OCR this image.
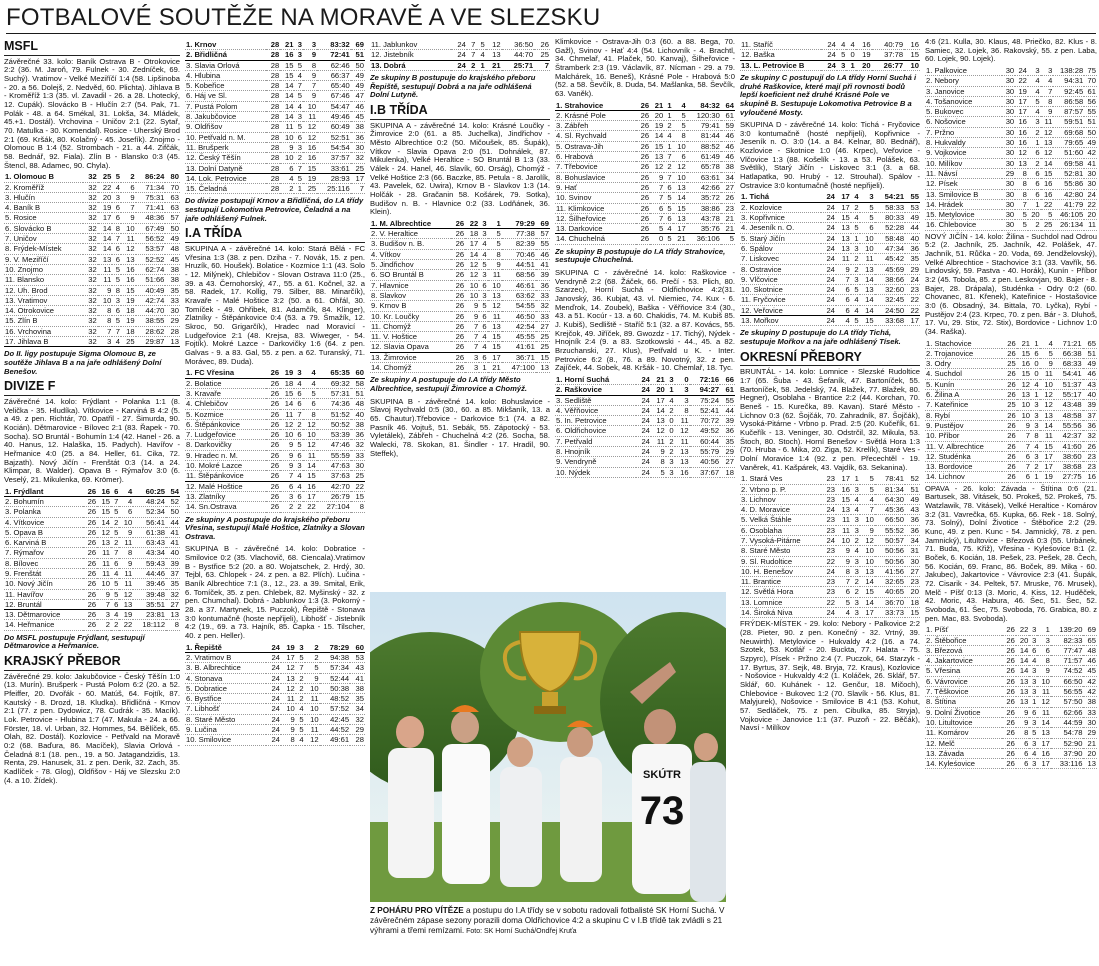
FOTBALOVÉ SOUTĚŽE NA MORAVĚ A VE SLEZSKU
MSFL
Závěrečné 33. kolo: Baník Ostrava B - Otrokovice 2:2 (36. M. Jaroň, 79. Fulnek - 30. Zedníček, 69. Suchý). Vratimov - Velké Meziříčí 1:4 (58. Lipšinoba - 20. a 56. Dolejš, 2. Nedvěd, 60. Plichta). Jihlava B - Kroměříž 1:3 (35. vl. Zavadil - 26. a 28. Lhotecký, 12. Cupák). Slovácko B - Hlučín 2:7 (54. Pak, 71. Polák - 48. a 64. Smékal, 31. Lokša, 34. Mládek, 45.+1. Dostál). Vrchovina - Uničov 2:1 (22. Sytař, 70. Matulka - 30. Komendal). Rosice - Uherský Brod 2:1 (69. Kršák, 80. Kolačný - 45. Josefík). Znojmo - Olomouc B 1:4 (52. Strombach - 21. a 44. Zifčák, 58. Bednář, 92. Fiala). Zlín B - Blansko 0:3 (45. Štencl, 88. Adamec, 90. Chyla).
1. Olomouc B	32	25	5	2	86:24	80
2. Kroměříž	32	22	4	6	71:34	70
3. Hlučín	32	20	3	9	75:31	63
4. Baník B	32	19	6	7	71:41	63
5. Rosice	32	17	6	9	48:36	57
6. Slovácko B	32	14	8	10	67:49	50
7. Uničov	32	14	7	11	56:52	49
8. Frýdek-Místek	32	14	6	12	53:57	48
9. V. Meziříčí	32	13	6	13	52:52	45
10. Znojmo	32	11	5	16	62:74	38
11. Blansko	32	11	5	16	51:66	38
12. Uh. Brod	32	9	8	15	40:49	35
13. Vratimov	32	10	3	19	42:74	33
14. Otrokovice	32	8	6	18	44:70	30
15. Zlín B	32	8	5	19	38:55	29
16. Vrchovina	32	7	7	18	28:62	28
17. Jihlava B	32	3	4	25	29:87	13
Do II. ligy postupuje Sigma Olomouc B, ze soutěže Jihlava B a na jaře odhlášený Dolní Benešov.
DIVIZE F
Závěrečné 14. kolo: Frýdlant - Polanka 1:1 (8. Velička - 35. Hludíka). Vítkovice - Karviná B 4:2 (5. a 49. z pen. Richtár, 70. Opatřil - 27. Šimurda, 90. Kocián). Dětmarovice - Bílovec 2:1 (83. Řapek - 70. Socha). SO Bruntál - Bohumín 1:4 (42. Hanel - 26. a 40. Hanus, 12. Halaška, 15. Padych). Havířov - Heřmanice 4:0 (25. a 84. Heller, 61. Cika, 72. Bajzath). Nový Jičín - Frenštát 0:3 (14. a 24. Klimpar, 8. Walder). Opava B - Rýmařov 3:0 (6. Veselý, 21. Mikulenka, 69. Krömer).
1. Frýdlant	26	16	6	4	60:25	54
2. Bohumín	26	15	7	4	48:24	52
3. Polanka	26	15	5	6	52:34	50
4. Vítkovice	26	14	2	10	56:41	44
5. Opava B	26	12	5	9	61:38	41
6. Karviná B	26	13	2	11	63:43	41
7. Rýmařov	26	11	7	8	43:34	40
8. Bílovec	26	11	6	9	59:43	39
9. Frenštát	26	11	4	11	44:46	37
10. Nový Jičín	26	10	5	11	39:46	35
11. Havířov	26	9	5	12	39:48	32
12. Bruntál	26	7	6	13	35:51	27
13. Dětmarovice	26	3	4	19	23:81	13
14. Heřmanice	26	2	2	22	18:112	8
Do MSFL postupuje Frýdlant, sestupují Dětmarovice a Heřmanice.
KRAJSKÝ PŘEBOR
Závěrečné 29. kolo: Jakubčovice - Český Těšín 1:0 (13. Murín). Brušperk - Pustá Polom 6:2 (20. a 52. Pfeiffer, 20. Dvořák - 60. Matúš, 64. Fojtík, 87. Kautský - 8. Drozd, 18. Kludka). Břidličná - Krnov 2:1 (77. z pen. Dydowicz, 78. Cudrák - 35. Macík). Lok. Petrovice - Hlubina 1:7 (47. Makula - 24. a 66. Förster, 18. vl. Urban, 32. Hommes, 54. Bělíček, 65. Olah, 82. Dostál). Kozlovice - Petřvald na Moravě 0:2 (68. Baďura, 86. Macíček), Slavia Orlová - Čeladná 8:1 (18. pen., 19. a 50. Jatagandzidis, 13. Renta, 29. Hanusek, 31. z pen. Derik, 32. Zach, 35. Kadlíček - 78. Glog), Oldřišov - Háj ve Slezsku 2:0 (4. a 10. Žídek).
1. Krnov	28	21	3	3	83:32	69
2. Břidličná	28	16	3	9	72:41	51
3. Slavia Orlová	28	15	5	8	62:46	50
4. Hlubina	28	15	4	9	66:37	49
5. Kobeřice	28	14	7	7	65:40	49
6. Háj ve Sl.	28	14	5	9	67:46	47
7. Pustá Polom	28	14	4	10	54:47	46
8. Jakubčovice	28	14	3	11	49:46	45
9. Oldřišov	28	11	5	12	60:49	38
10. Petřvald n. M.	28	10	6	12	52:51	36
11. Brušperk	28	9	3	16	54:54	30
12. Český Těšín	28	10	2	16	37:57	32
13. Dolní Datyně	28	6	7	15	33:61	25
14. Lok. Petrovice	28	4	5	19	28:93	17
15. Čeladná	28	2	1	25	25:116	7
Do divize postupují Krnov a Břidličná, do I.A třídy sestupují Lokomotiva Petrovice, Čeladná a na jaře odhlášený Fulnek.
I.A TŘÍDA
SKUPINA A - závěrečné 14. kolo: Stará Bělá - FC Vřesina 1:3 (38. z pen. Dziha - 7. Novák, 15. z pen. Hruzík, 60. Houšek). Bolatice - Kozmice 1:1 (43. Solo - 12. Milýnek), Chlebičov - Slovan Ostrava 11:0 (25., 39. a 43. Černohorský, 47., 55. a 61. Kočnel, 32. a 58. Radek, 17. Kollig, 79. Silber, 88. Minarčík), Kravaře - Malé Hoštice 3:2 (50. a 61. Ohřál, 30. Tomíček - 49. Ohřibek, 81. Adamčík, 84. Klinger), Zlatníky - Štěpánkovice 0:4 (53. a 79. Šmažík, 12. Skroc, 50. Grigarčík), Hradec nad Moravicí - Ludgeřovice 2:1 (48. Krejsa, 83. Wiweger, - 54. Fojtík). Mokré Lazce - Darkovičky 1:6 (64. z pen. Galvas - 9. a 83. Gal, 55. z pen. a 62. Turanský, 71. Morávec, 89. Duda).
1. FC Vřesina	26	19	3	4	65:35	60
2. Bolatice	26	18	4	4	69:32	58
3. Kravaře	26	15	6	5	57:31	51
4. Chlebičov	26	14	6	6	74:36	48
5. Kozmice	26	11	7	8	51:52	40
6. Štěpánkovice	26	12	2	12	50:52	38
7. Ludgeřovice	26	10	6	10	53:39	36
8. Darkovičky	26	9	5	12	47:46	32
9. Hradec n. M.	26	9	6	11	55:59	33
10. Mokré Lazce	26	9	3	14	47:63	30
11. Štěpánkovice	26	7	4	15	37:63	25
12. Malé Hoštice	26	6	4	16	42:70	22
13. Zlatníky	26	3	6	17	26:79	15
14. Sn.Ostrava	26	2	2	22	27:104	8
Ze skupiny A postupuje do krajského přeboru Vřesina, sestupují Malé Hoštice, Zlatníky a Slovan Ostrava.
SKUPINA B - závěrečné 14. kolo: Dobratice - Smilovice 0:2 (35. Vlachovič, 68. Ciencala).Vratimov B - Bystřice 5:2 (20. a 80. Wojatschek, 2. Hrdý, 30. Tejbl, 63. Chlopek - 24. z pen. a 82. Plích). Lučina - Baník Albrechtice 7:1 (3., 12., 23. a 39. Smital, Erik, 6. Tomíček, 35. z pen. Chlebek, 82. Myšinský - 32. z pen. Chumchal). Dobrá - Jablunkov 1:3 (3. Pokorný - 28. a 37. Martynek, 15. Puczok), Řepiště - Stonava 3:0 kontumačně (hoste nepřijeli), Libhošť - Jistebník 4:2 (19., 69. a 73. Hajník, 85. Čapka - 15. Tilscher, 40. z pen. Heller).
1. Řepiště	24	19	3	2	78:29	60
2. Vratimov B	24	17	5	2	94:38	53
3. B. Albrechtice	24	12	7	5	57:34	43
4. Stonava	24	13	2	9	52:44	41
5. Dobratice	24	12	2	10	50:38	38
6. Bystřice	24	11	2	11	48:52	35
7. Libhošť	24	10	4	10	57:52	34
8. Staré Město	24	9	5	10	42:45	32
9. Lučina	24	9	5	11	44:52	29
10. Smilovice	24	8	4	12	49:61	28
11. Jablunkov	24	7	5	12	36:50	26
12. Jistebník	24	7	4	13	44:70	25
13. Dobrá	24	2	1	21	25:71	7
Ze skupiny B postupuje do krajského přeboru Řepiště, sestupují Dobrá a na jaře odhlášená Dolní Lutyně.
I.B TŘÍDA
SKUPINA A - závěrečné 14. kolo: Krásné Loučky - Žimrovice 2:0 (61. a 85. Juchelka), Jindřichov - Město Albrechtice 0:2 (50. Mičoušek, 85. Šupák), Vítkov - Slavia Opava 2:0 (51. Dohnálek, 87. Mikulenka), Velké Heraltice - SO Bruntál B 1:3 (33. Válek - 24. Hanel, 46. Slavík, 60. Orság), Chomýž - Velké Hoštice 2:3 (66. Baczke, 85. Petula - 8. Jarolík, 43. Pavelek, 62. Uwira), Krnov B - Slavkov 1:3 (14. Holčák - 28. Gračanin 58. Košárek, 79. Sotka), Budišov n. B. - Hlavnice 0:2 (33. Lodňánek, 36. Klein).
1. M. Albrechtice	26	22	3	1	79:29	69
2. V. Heraltice	26	18	3	5	77:38	57
3. Budišov n. B.	26	17	4	5	82:39	55
4. Vítkov	26	14	4	8	70:46	46
5. Jindřichov	26	12	5	9	44:51	41
6. SO Bruntál B	26	12	3	11	68:56	39
7. Hlavnice	26	10	6	10	46:61	36
8. Slavkov	26	10	3	13	63:62	33
9. Krnov B	26	9	5	12	54:55	32
10. Kr. Loučky	26	9	6	11	46:50	33
11. Chomýž	26	7	6	13	42:54	27
11. V. Hoštice	26	7	4	15	45:55	25
12. Slavia Opava	26	7	4	15	41:61	25
13. Žimrovice	26	3	6	17	36:71	15
14. Chomýž	26	3	1	21	47:100	13
Ze skupiny A postupuje do I.A třídy Město Albrechtice, sestupují Žimrovice a Chomýž.
SKUPINA B - závěrečné 14. kolo: Bohuslavice - Slavoj Rychvald 0:5 (30., 60. a 85. Mikšaník, 13. a 65. Chautur).Třebovice - Darkovice 5:1 (74. a 82. Pasník 46. Vojtuš, 51. Sebák, 55. Zápotocký - 53. Vyletálek), Zábřeh - Chuchelná 4:2 (26. Socha, 58. Walecki, 78. Skokan, 81. Šindler - 17. Hradil, 90. Steffek),
Klimkovice - Ostrava-Jih 0:3 (60. a 88. Bega, 70. Gažl), Svinov - Hať 4:4 (54. Lichovník - 4. Brachtl, 34. Chmelař, 41. Plaček, 50. Kanvaj), Šilheřovice - Štramberk 2:3 (19. Václavík, 87. Nícman - 29. a 79. Malchárek, 16. Beneš), Krásné Pole - Hrabová 5:0 (52. a 58. Ševčík, 8. Duda, 54. Mašlanka, 58. Ševčík, 63. Vaněk).
1. Strahovice	26	21	1	4	84:32	64
2. Krásné Pole	26	20	1	5	120:30	61
3. Zábřeh	26	19	2	5	79:41	59
4. Sl. Rychvald	26	14	4	8	81:44	46
5. Ostrava-Jih	26	15	1	10	88:52	46
6. Hrabová	26	13	7	6	61:49	46
7. Třebovice	26	12	2	12	65:78	38
8. Bohuslavice	26	9	7	10	63:61	34
9. Hať	26	7	6	13	42:66	27
10. Svinov	26	7	5	14	35:72	26
11. Klimkovice	26	6	5	15	38:86	23
12. Šilheřovice	26	7	6	13	43:78	21
13. Darkovice	26	5	4	17	35:76	21
14. Chuchelná	26	0	5	21	36:106	5
Ze skupiny B postupuje do I.A třídy Strahovice, sestupuje Chuchelná.
SKUPINA C - závěrečné 14. kolo: Raškovice - Vendryně 2:2 (68. Žáček, 66. Prečí - 53. Plich, 80. Szarzec), Horní Suchá - Oldřichovice 4:2(31. Janovský, 36. Kubjat, 43. vl. Niemiec, 74. Kux - 6. Menďrok, 14. Zoubek), Baška - Věřňovice 3:4 (30., 43. a 51. Kocúr - 13. a 60. Chakidis, 74. M. Kubiš 85. J. Kubiš), Sedliště - Staříč 5:1 (32. a 87. Kovács, 55. Krejčok, 49. Jiříček, 89. Gwozdz - 17. Tichý), Nýdek - Hnojník 2:4 (9. a 83. Szotkowski - 44., 45. a 82. Brzuchanski, 27. Klus), Petřvald u K. - Inter. Petrovice 6:2 (8., 76. a 89. Novotný, 32. z pen. Zajíček, 44. Sobek, 48. Kršák - 10. Chemlař, 18. Tyc.
1. Horní Suchá	24	21	3	0	72:16	66
2. Raškovice	24	20	1	3	94:27	61
3. Sedliště	24	17	4	3	75:24	55
4. Věřňovice	24	14	2	8	52:41	44
5. In. Petrovice	24	13	0	11	70:72	39
6. Oldřichovice	24	12	0	12	49:52	36
7. Petřvald	24	11	2	11	60:44	35
8. Hnojník	24	9	2	13	55:79	29
9. Vendryně	24	8	3	13	40:56	27
10. Nýdek	24	5	3	16	37:67	18
SKÚTR
73
Z POHÁRU PRO VÍTĚZE a postupu do I.A třídy se v sobotu radovali fotbalisté SK Horní Suchá. V závěrečném zápase sezony porazili doma Oldřichovice 4:2 a skupinu C v I.B třídě tak zvládli s 21 výhrami a třemi remízami. Foto: SK Horní Suchá/Ondřej Kruťa
11. Staříč	24	4	4	16	40:79	16
12. Baška	24	5	0	19	37:78	15
13. L. Petrovice B	24	3	1	20	26:77	10
Ze skupiny C postupují do I.A třídy Horní Suchá i druhé Raškovice, které mají při rovnosti bodů lepší koeficient než druhé Krásné Pole ve skupině B. Sestupuje Lokomotiva Petrovice B a vyloučené Mosty.
SKUPINA D - závěrečné 14. kolo: Tichá - Fryčovice 3:0 kontumačně (hosté nepřijeli), Kopřivnice - Jeseník n. O. 3:0 (14. a 84. Kelnar, 80. Bednář), Kozlovice - Skotnice 1:0 (46. Krpec), Veřovice - Vlčovice 1:3 (88. Košelík - 13. a 53. Polášek, 63. Světlík), Starý Jičín - Liskovec 3:1 (3. a 68. Hatlapatka, 90. Hrubý - 12. Strouhal). Spálov - Ostravice 3:0 kontumačně (hosté nepřijeli).
1. Tichá	24	17	4	3	54:21	55
2. Kozlovice	24	17	2	5	58:33	53
3. Kopřivnice	24	15	4	5	80:33	49
4. Jeseník n. O.	24	13	5	6	52:28	44
5. Starý Jičín	24	13	1	10	58:48	40
6. Spálov	24	13	3	10	47:34	36
7. Liskovec	24	11	2	11	45:42	35
8. Ostravice	24	9	2	13	45:69	29
9. Vlčovice	24	7	3	14	38:66	24
10. Skotnice	24	6	5	13	32:60	23
11. Fryčovice	24	6	4	14	32:45	22
12. Veřovice	24	6	4	14	24:50	22
13. Mořkov	24	4	5	15	33:68	17
Ze skupiny D postupuje do I.A třídy Tichá, sestupuje Mořkov a na jaře odhlášený Tísek.
OKRESNÍ PŘEBORY
BRUNTÁL - 14. kolo: Lomnice - Slezské Rudoltice 1:7 (65. Šuba - 43. Šefaník, 47. Bartoníček, 55. Bartoníček, 58. Jedelský, 74. Blažek, 77. Blažek, 80. Hegner), Osoblaha - Brantice 2:2 (44. Korchan, 70. Beneš - 15. Kurečka, 89. Kavan). Staré Město - Lichnov 0:3 (62. Šojčák, 70. Zahradník, 87. Šojčák), Vysoká-Pitárne - Vrbno p. Prad. 2:5 (20. Kučeřík, 61. Kučeřík - 13. Veninger, 30. Odstrčil, 32. Mikula, 53. Štoch, 80. Stoch). Horní Benešov - Světlá Hora 1:3 (70. Hruba - 6. Mika, 20. Ziga, 52. Krelík), Staré Ves - Dolní Moravice 1:4 (92. z pen. Přecechtěl - 19. Vaněrek, 41. Kašpárek, 43. Vajdík, 63. Sekanina).
1. Stará Ves	23	17	1	5	78:41	52
2. Vrbno p. P.	23	16	3	5	81:34	51
3. Lichnov	23	15	4	4	64:30	49
4. D. Moravice	24	13	4	7	45:36	43
5. Velká Štáhle	23	11	3	10	66:50	36
6. Osoblaha	23	11	3	9	55:52	36
7. Vysoká-Pitárne	24	10	2	12	50:57	34
8. Staré Město	23	9	4	10	50:56	31
9. Sl. Rudoltice	22	9	3	10	50:56	30
10. H. Benešov	24	8	3	13	41:56	27
11. Brantice	23	7	2	14	32:65	23
12. Světlá Hora	23	6	2	15	40:65	20
13. Lomnice	22	5	3	14	36:70	18
14. Široká Niva	24	4	3	17	33:73	15
FRÝDEK-MÍSTEK - 29. kolo: Nebory - Palkovice 2:2 (28. Pieter, 90. z pen. Konečný - 32. Vrtný, 39. Neuwirth). Metylovice - Hukvaldy 4:2 (16. a 74. Szotek, 53. Kotlář - 20. Buckta, 77. Halata - 75. Szpyrc), Písek - Pržno 2:4 (7. Puczok, 64. Starzyk - 17. Byrtus, 37. Sejk, 48. Bryja, 72. Kraus), Kozlovice - Nošovice - Hukvaldy 4:2 (1. Koláček, 26. Sklář, 57. Sklář, 60. Kuhánek - 12. Genčur, 18. Mičoch), Chlebovice - Bukovec 1:2 (70. Slavík - 56. Klus, 81. Malyjurek), Nošovice - Smilovice B 4:1 (53. Kohut, 57. Sedláček, 75. z pen. Cibulka, 85. Stryja), Vojkovice - Janovice 1:1 (37. Puzoň - 22. Běčák), Navsí - Milíkov
4:6 (21. Kulla, 30. Klaus, 48. Priečko, 82. Klus - 8. Samiec, 32. Lojek, 36. Rakovský, 55. z pen. Laba, 60. Lojek, 90. Lojek).
1. Palkovice	30	24	3	3	138:28	75
2. Nebory	30	22	4	4	94:31	70
3. Janovice	30	19	4	7	92:45	61
4. Tošanovice	30	17	5	8	86:58	56
5. Bukovec	30	17	4	9	87:57	55
6. Nošovice	30	16	3	11	59:51	51
7. Pržno	30	16	2	12	69:68	50
8. Hukvaldy	30	16	1	13	79:65	49
9. Vojkovice	30	12	6	12	51:60	42
10. Milíkov	30	13	2	14	69:58	41
11. Návsí	29	8	6	15	52:81	30
12. Písek	30	8	6	16	55:86	30
13. Smilovice B	30	8	6	16	42:80	24
14. Hrádek	30	7	1	22	41:79	22
15. Metylovice	30	5	20	5	46:105	20
16. Chlebovice	30	5	2	25	26:134	11
NOVÝ JIČÍN - 14. kolo: Žilina - Suchdol nad Odrou 5:2 (2. Jachník, 25. Jachník, 42. Polášek, 47. Jachník, 51. Růčka - 20. Voda, 69. Jendželovský), Velké Albrechtice - Stachovice 3:1 (33. Vavřík, 56. Lindovský, 59. Pastva - 40. Horák), Kunín - Příbor 3:2 (45. Tobola, 85. z pen. Leskovjan, 90. Bajer - 8. Bajer, 28. Drápala), Studénka - Odry 0:2 (60. Chovanec, 81. Křenek), Kateřinice - Hostašovice 3:0 (6. Obsadný, 34. Bittala, 70. Lyčka), Rybí - Pustějov 2:4 (23. Krpec, 70. z pen. Bár - 3. Dluhoš, 17. Vu, 29. Stix, 72. Stix), Bordovice - Lichnov 1:0 (34. Raška).
1. Stachovice	26	21	1	4	71:21	65
2. Trojanovice	26	15	6	5	66:38	51
3. Odry	25	16	0	9	68:33	49
4. Suchdol	26	15	0	11	54:41	46
5. Kunín	26	12	4	10	51:37	43
6. Žilina A	26	13	1	12	55:17	40
7. Kateřinice	25	10	3	12	43:48	39
8. Rybí	26	10	3	13	48:58	37
9. Pustějov	26	9	3	14	55:56	36
10. Příbor	26	7	8	11	42:37	32
11. V. Albrechtice	26	7	4	15	41:60	26
12. Studénka	26	6	3	17	38:60	23
13. Bordovice	26	7	2	17	38:68	23
14. Lichnov	26	6	1	19	27:75	16
OPAVA - 26. kolo: Závada - Štítina 0:6 (21. Bartusek, 38. Vitásek, 50. Prokeš, 52. Prokeš, 75. Watzlawik, 78. Vitásek), Velké Heraltice - Komárov 3:2 (31. Vavrečka, 65. Kupka, 66. Rek - 18. Solný, 73. Solný), Dolní Životice - Štěbořice 2:2 (29. Kunc, 49. z pen. Kunc - 54. Jamnický, 78. z pen. Jamnický), Litultovice - Březová 0:3 (55. Urbánek, 71. Buda, 75. Křiž), Vřesina - Kyleśovice 8:1 (2. Boček, 6. Kocián, 18. Pešek, 23. Pešek, 28. Čech, 56. Kocián, 69. Franc, 86. Boček, 89. Mika - 60. Jakubec), Jakartovice - Vávrovice 2:3 (41. Šupák, 72. Cisarik - 34. Peltek, 57. Mruske, 76. Mrusek), Melč - Píšť 0:13 (3. Moric, 4. Kiss, 12. Huděček, 42. Moric, 43. Habura, 46. Šec, 51. Šec, 52. Svoboda, 61. Šec, 75. Svoboda, 76. Grabica, 80. z pen. Mac, 83. Svoboda).
1. Píšť	26	22	3	1	139:20	69
2. Štěbořice	26	20	3	3	82:33	65
3. Březová	26	14	6	6	77:47	48
4. Jakartovice	26	14	4	8	71:57	46
5. Vřesina	26	14	3	9	74:52	45
6. Vávrovice	26	13	3	10	66:50	42
7. Těškovice	26	13	3	11	56:55	42
8. Štítina	26	13	1	12	57:50	38
9. Dolní Životice	26	9	6	11	62:66	33
10. Litultovice	26	9	3	14	44:59	30
11. Komárov	26	8	5	13	54:78	29
12. Melč	26	6	3	17	52:90	21
13. Závada	26	6	4	16	37:90	20
14. Kyleśovice	26	6	3	17	33:116	13
